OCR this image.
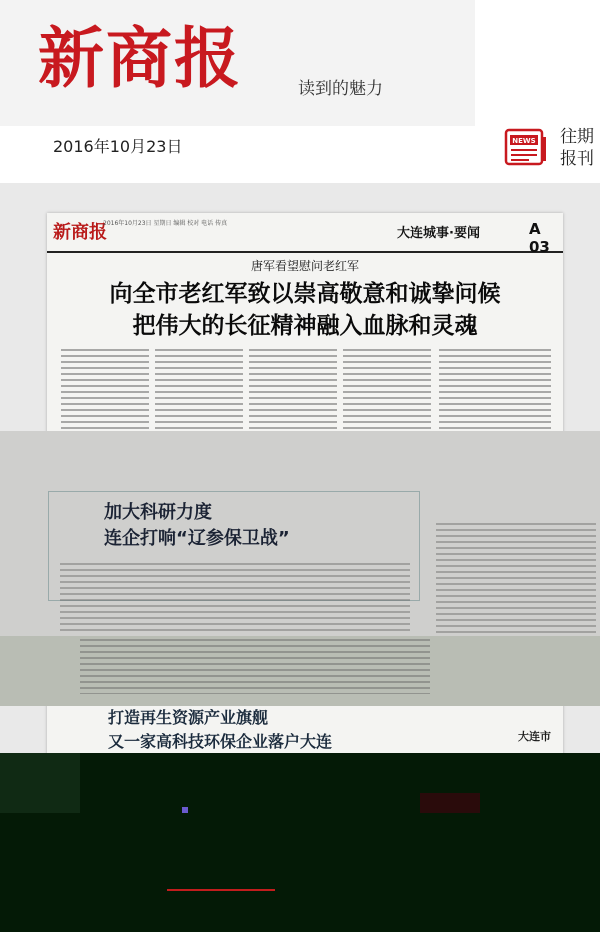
新商报	读到的魅力
2016年10月23日	NEWS 往期
报刊
新商报
2016年10月23日 星期日 编辑 校对 电话 传真
大连城事·要闻	A 03
唐军看望慰问老红军
向全市老红军致以崇高敬意和诚挚问候
把伟大的长征精神融入血脉和灵魂
加大科研力度
连企打响“辽参保卫战”
打造再生资源产业旗舰
又一家高科技环保企业落户大连	大连市
